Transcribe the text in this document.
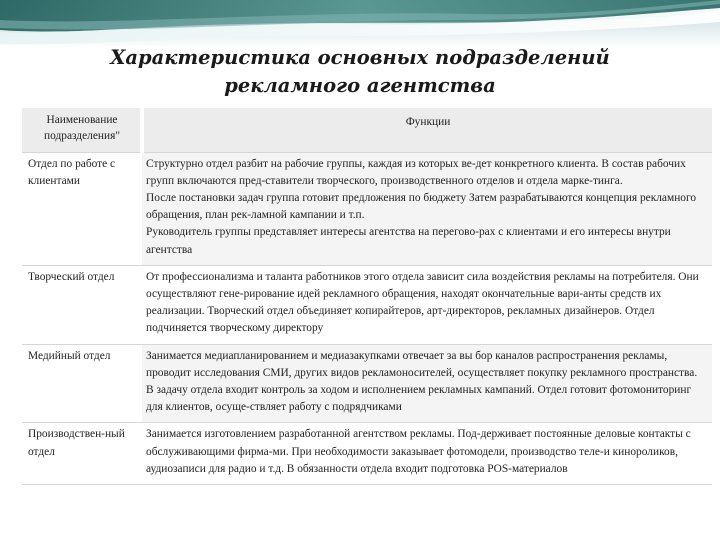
Характеристика основных подразделений
рекламного агентства
Наименование подразделения"	Функции
Отдел по работе с клиентами	Структурно отдел разбит на рабочие группы, каждая из которых ве-дет конкретного клиента. В состав рабочих групп включаются пред-ставители творческого, производственного отделов и отдела марке-тинга.

После постановки задач группа готовит предложения по бюджету Затем разрабатываются концепция рекламного обращения, план рек-ламной кампании и т.п.

Руководитель группы представляет интересы агентства на перегово-рах с клиентами и его интересы внутри агентства

Творческий отдел	От профессионализма и таланта работников этого отдела зависит сила воздействия рекламы на потребителя. Они осуществляют гене-рирование идей рекламного обращения, находят окончательные вари-анты средств их реализации. Творческий отдел объединяет копирайтеров, арт-директоров, рекламных дизайнеров. Отдел подчиняется творческому директору

Медийный отдел	Занимается медиапланированием и медиазакупками отвечает за вы бор каналов распространения рекламы, проводит исследования СМИ, других видов рекламоносителей, осуществляет покупку рекламного пространства.

В задачу отдела входит контроль за ходом и исполнением рекламных кампаний. Отдел готовит фотомониторинг для клиентов, осуще-ствляет работу с подрядчиками

Производствен-ный отдел	Занимается изготовлением разработанной агентством рекламы. Под-держивает постоянные деловые контакты с обслуживающими фирма-ми. При необходимости заказывает фотомодели, производство теле-и кинороликов, аудиозаписи для радио и т.д. В обязанности отдела входит подготовка POS-материалов
